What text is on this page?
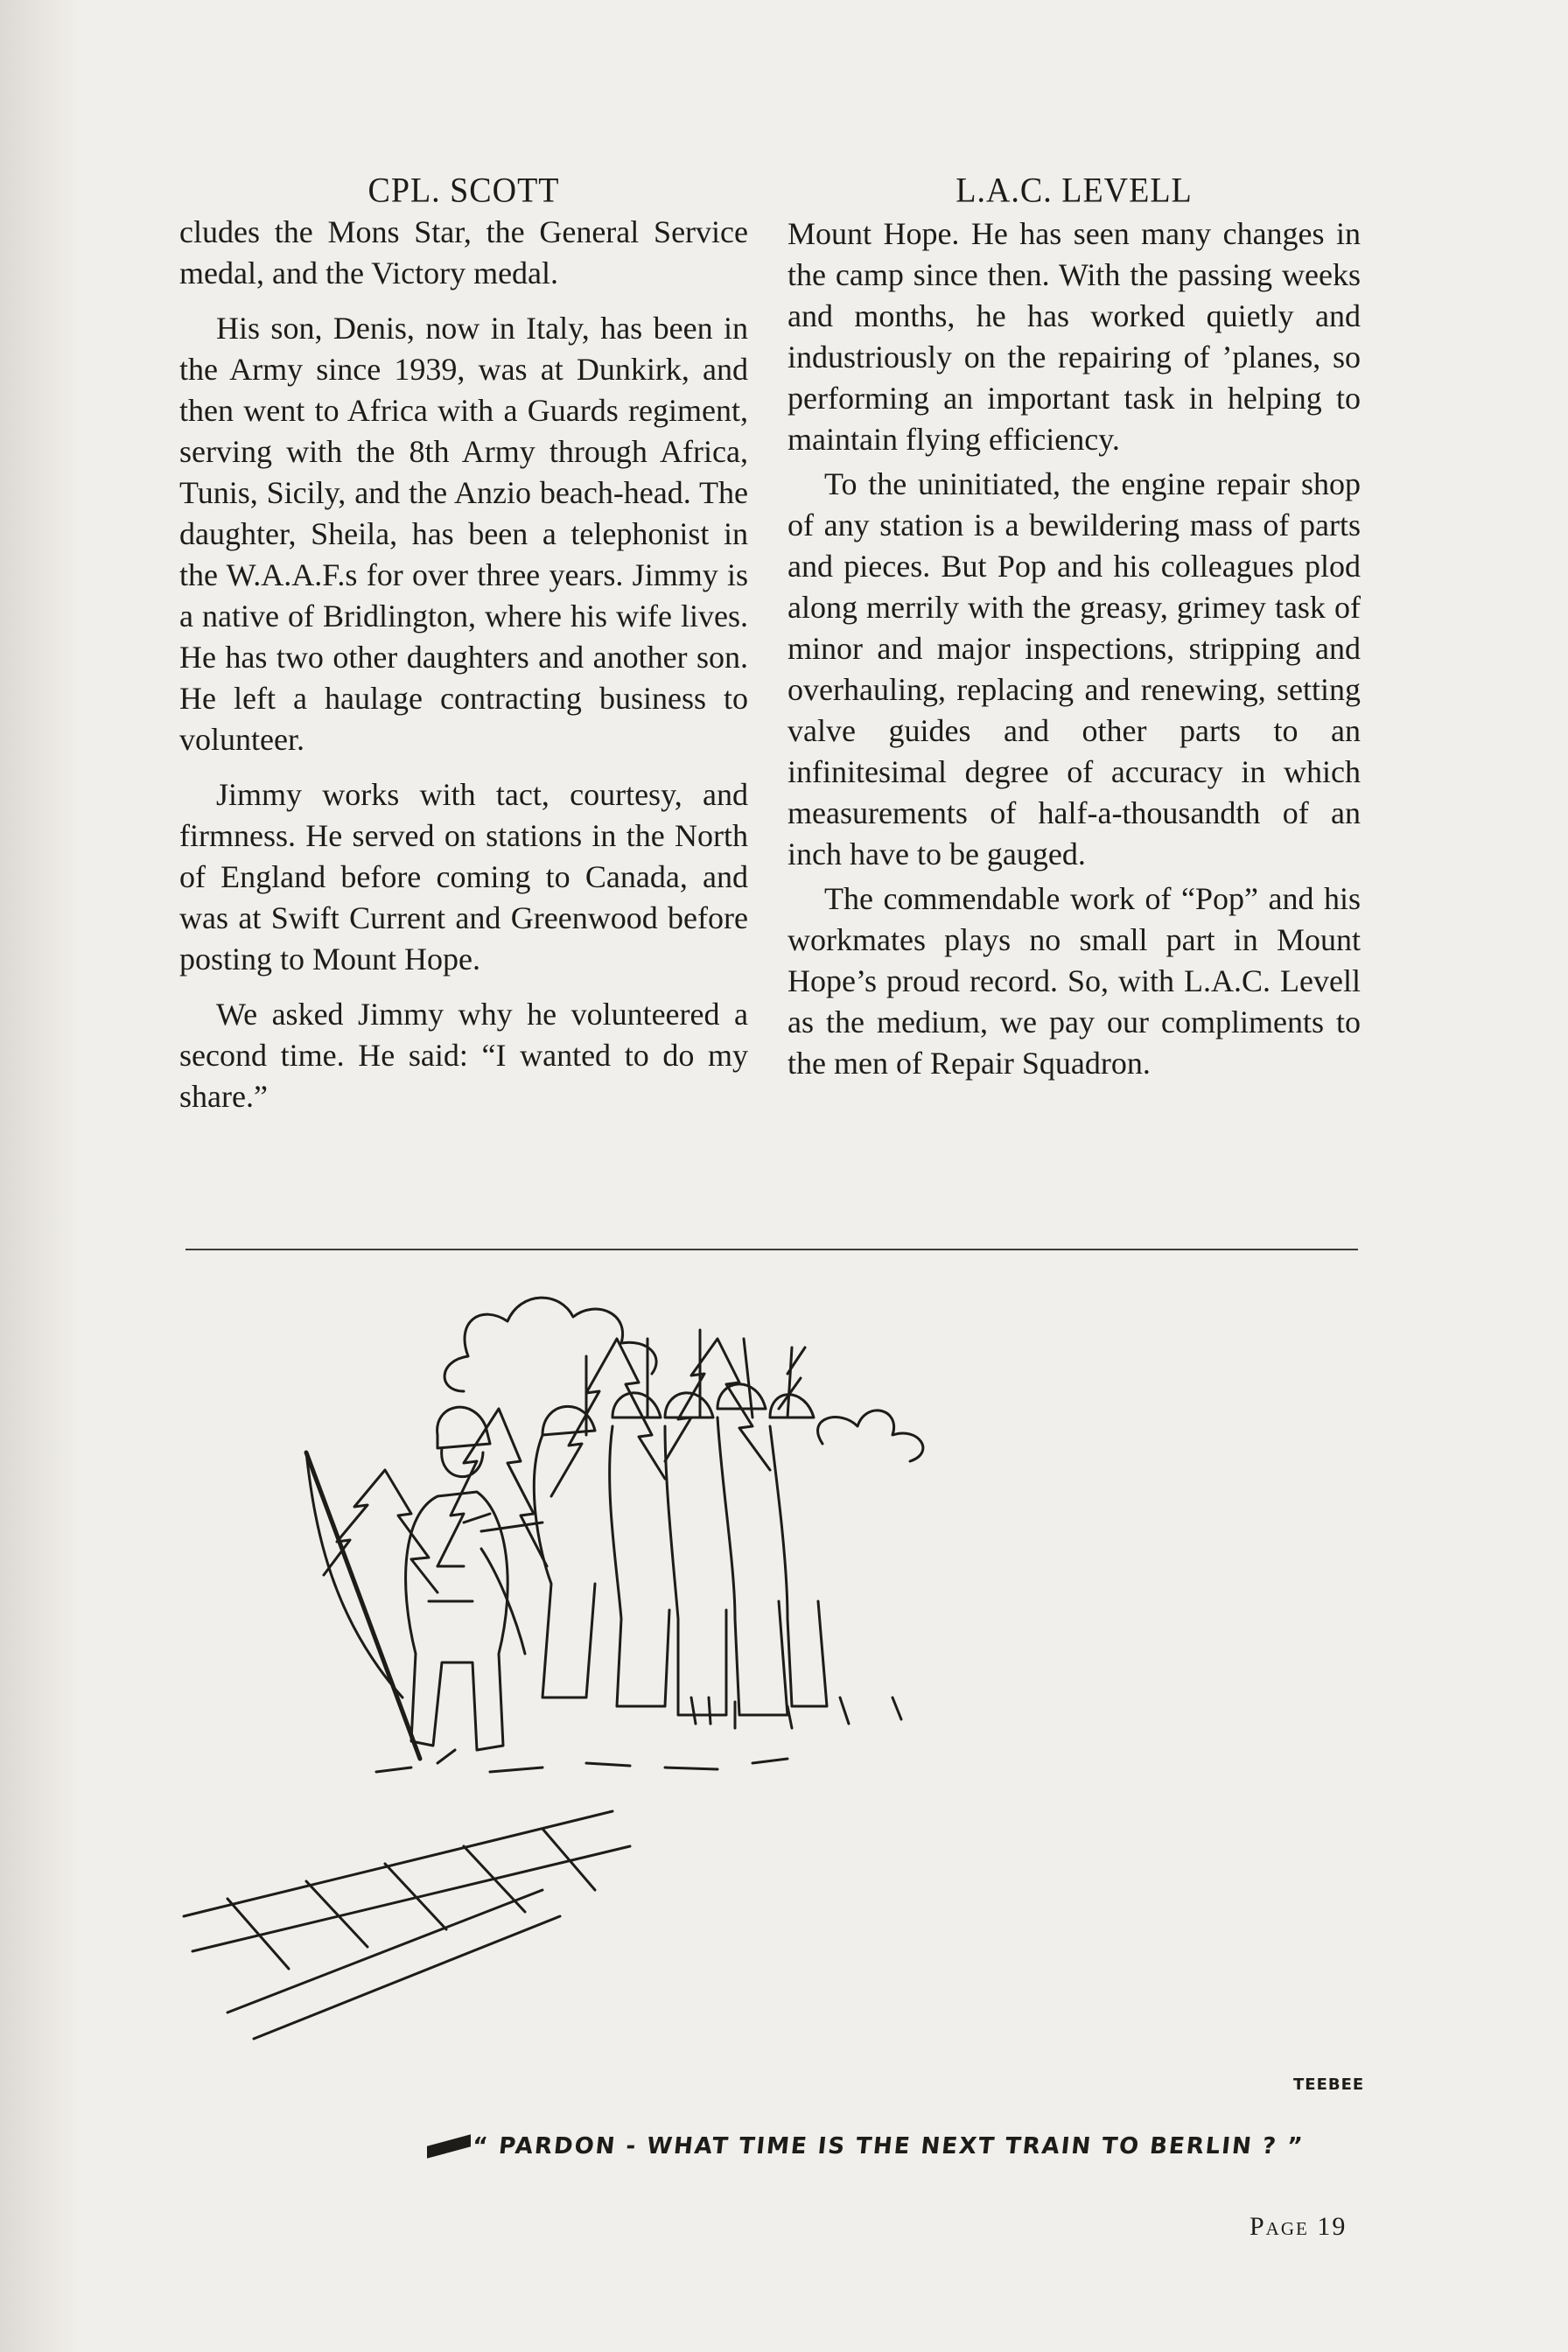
CPL. SCOTT

cludes the Mons Star, the General Service medal, and the Victory medal.

His son, Denis, now in Italy, has been in the Army since 1939, was at Dunkirk, and then went to Africa with a Guards regiment, serving with the 8th Army through Africa, Tunis, Sicily, and the Anzio beach-head. The daughter, Sheila, has been a telephonist in the W.A.A.F.s for over three years. Jimmy is a native of Bridlington, where his wife lives. He has two other daughters and another son. He left a haulage contracting business to volunteer.

Jimmy works with tact, courtesy, and firmness. He served on stations in the North of England before coming to Canada, and was at Swift Current and Greenwood before posting to Mount Hope.

We asked Jimmy why he volunteered a second time. He said: “I wanted to do my share.”

L.A.C. LEVELL

Mount Hope. He has seen many changes in the camp since then. With the passing weeks and months, he has worked quietly and industriously on the repairing of ’planes, so performing an important task in helping to maintain flying efficiency.

To the uninitiated, the engine repair shop of any station is a bewildering mass of parts and pieces. But Pop and his colleagues plod along merrily with the greasy, grimey task of minor and major inspections, stripping and overhauling, replacing and renewing, setting valve guides and other parts to an infinitesimal degree of accuracy in which measurements of half-a-thousandth of an inch have to be gauged.

The commendable work of “Pop” and his workmates plays no small part in Mount Hope’s proud record. So, with L.A.C. Levell as the medium, we pay our compliments to the men of Repair Squadron.

TEEBEE
“ PARDON - WHAT TIME IS THE NEXT TRAIN TO BERLIN ? ”
Page 19
